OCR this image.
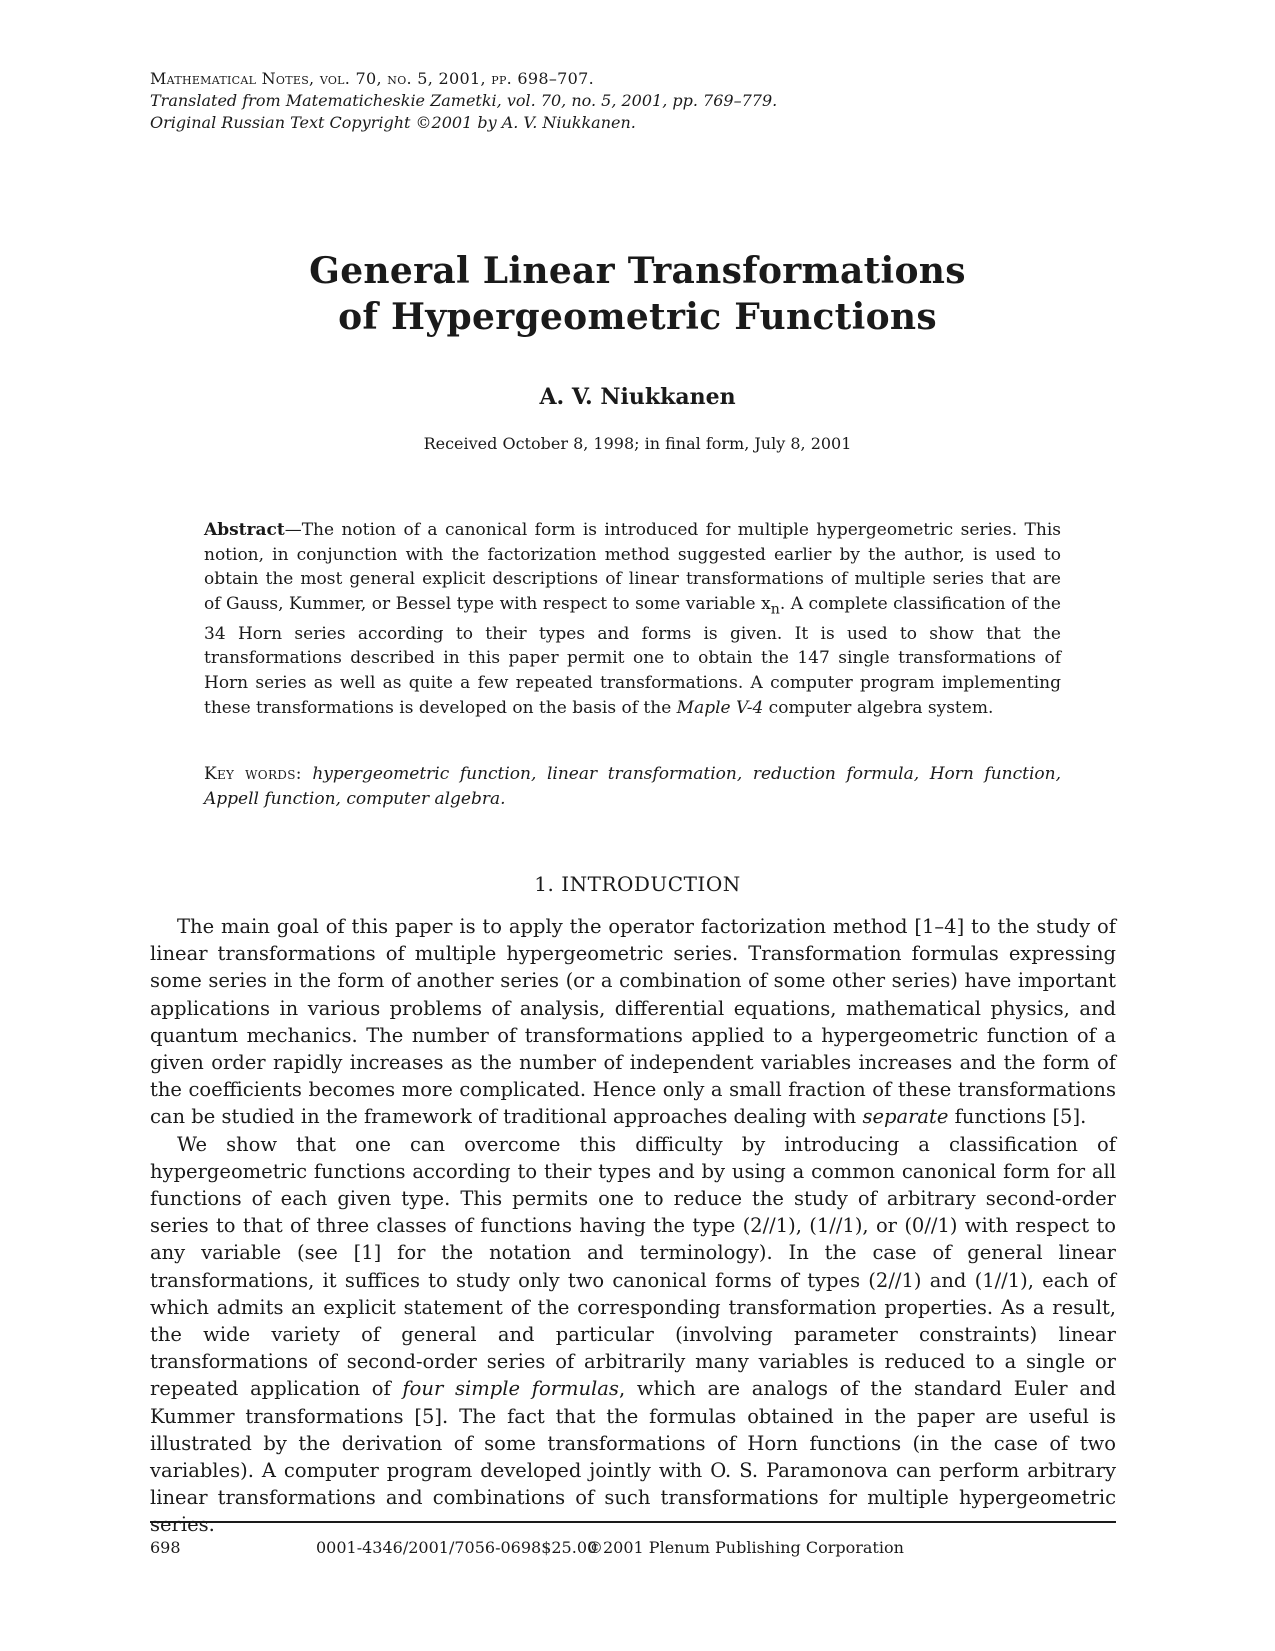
Mathematical Notes, vol. 70, no. 5, 2001, pp. 698–707.
Translated from Matematicheskie Zametki, vol. 70, no. 5, 2001, pp. 769–779.
Original Russian Text Copyright ©2001 by A. V. Niukkanen.
General Linear Transformations
of Hypergeometric Functions
A. V. Niukkanen
Received October 8, 1998; in final form, July 8, 2001
Abstract—The notion of a canonical form is introduced for multiple hypergeometric series. This notion, in conjunction with the factorization method suggested earlier by the author, is used to obtain the most general explicit descriptions of linear transformations of multiple series that are of Gauss, Kummer, or Bessel type with respect to some variable $x_n$. A complete classification of the 34 Horn series according to their types and forms is given. It is used to show that the transformations described in this paper permit one to obtain the 147 single transformations of Horn series as well as quite a few repeated transformations. A computer program implementing these transformations is developed on the basis of the Maple V-4 computer algebra system.
Key words: hypergeometric function, linear transformation, reduction formula, Horn function, Appell function, computer algebra.
1. INTRODUCTION

The main goal of this paper is to apply the operator factorization method [1–4] to the study of linear transformations of multiple hypergeometric series. Transformation formulas expressing some series in the form of another series (or a combination of some other series) have important applications in various problems of analysis, differential equations, mathematical physics, and quantum mechanics. The number of transformations applied to a hypergeometric function of a given order rapidly increases as the number of independent variables increases and the form of the coefficients becomes more complicated. Hence only a small fraction of these transformations can be studied in the framework of traditional approaches dealing with separate functions [5].

We show that one can overcome this difficulty by introducing a classification of hypergeometric functions according to their types and by using a common canonical form for all functions of each given type. This permits one to reduce the study of arbitrary second-order series to that of three classes of functions having the type (2//1), (1//1), or (0//1) with respect to any variable (see [1] for the notation and terminology). In the case of general linear transformations, it suffices to study only two canonical forms of types (2//1) and (1//1), each of which admits an explicit statement of the corresponding transformation properties. As a result, the wide variety of general and particular (involving parameter constraints) linear transformations of second-order series of arbitrarily many variables is reduced to a single or repeated application of four simple formulas, which are analogs of the standard Euler and Kummer transformations [5]. The fact that the formulas obtained in the paper are useful is illustrated by the derivation of some transformations of Horn functions (in the case of two variables). A computer program developed jointly with O. S. Paramonova can perform arbitrary linear transformations and combinations of such transformations for multiple hypergeometric series.

698	0001-4346/2001/7056-0698$25.00
©2001 Plenum Publishing Corporation
